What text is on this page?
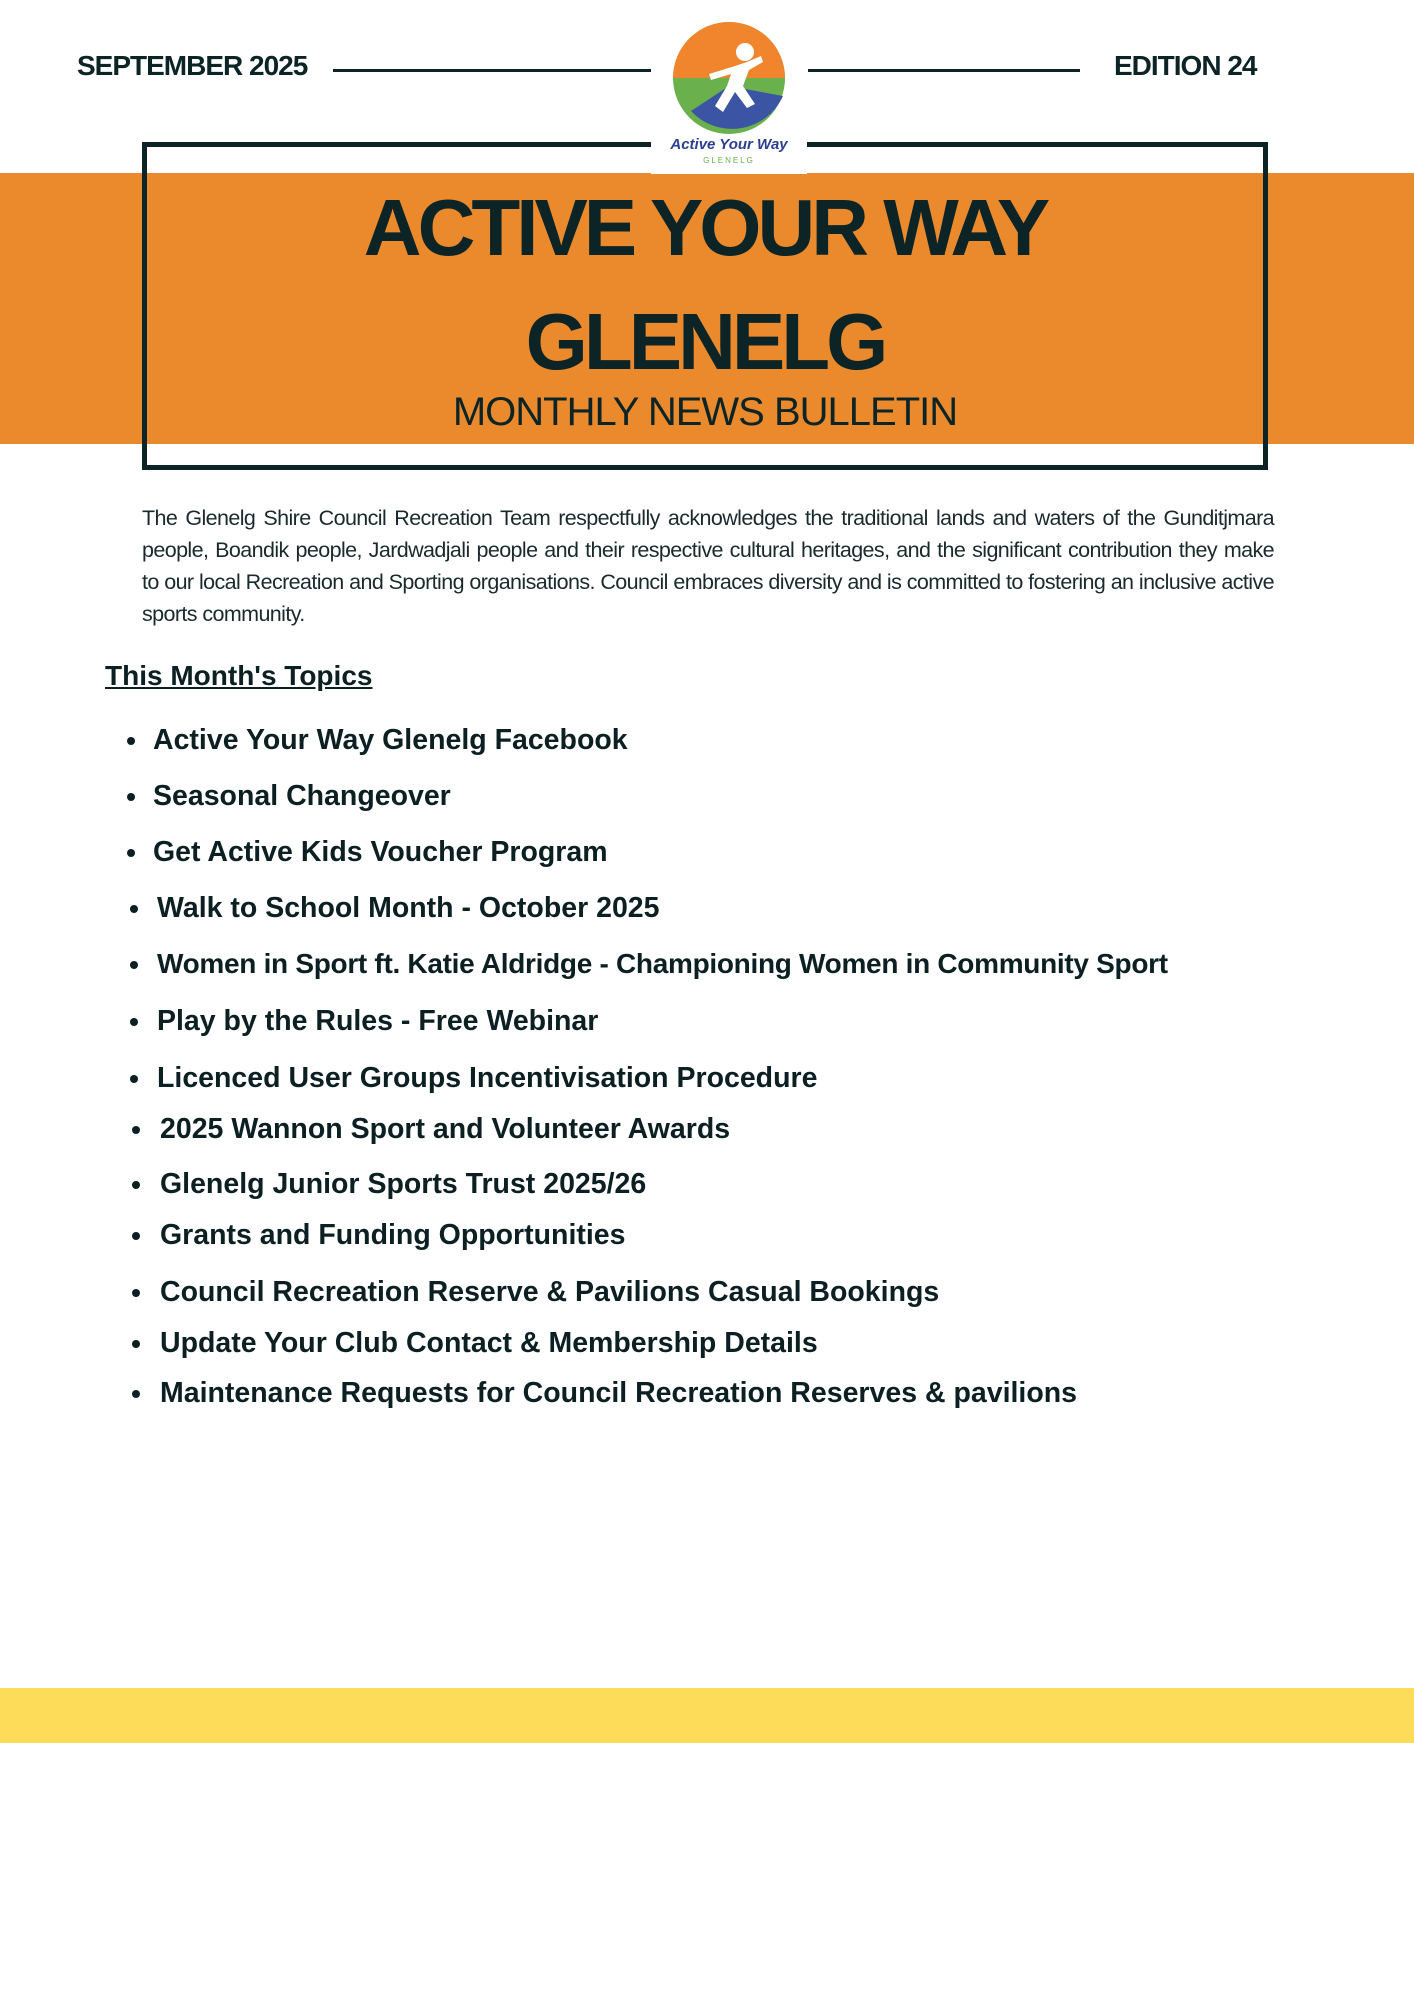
SEPTEMBER 2025	EDITION 24
Active Your Way
GLENELG
ACTIVE YOUR WAY
GLENELG
MONTHLY NEWS BULLETIN

The Glenelg Shire Council Recreation Team respectfully acknowledges the traditional lands and waters of the Gunditjmara people, Boandik people, Jardwadjali people and their respective cultural heritages, and the significant contribution they make to our local Recreation and Sporting organisations. Council embraces diversity and is committed to fostering an inclusive active sports community.

This Month's Topics
Active Your Way Glenelg Facebook
Seasonal Changeover
Get Active Kids Voucher Program
Walk to School Month - October 2025
Women in Sport ft. Katie Aldridge - Championing Women in Community Sport
Play by the Rules - Free Webinar
Licenced User Groups Incentivisation Procedure
2025 Wannon Sport and Volunteer Awards
Glenelg Junior Sports Trust 2025/26
Grants and Funding Opportunities
Council Recreation Reserve & Pavilions Casual Bookings
Update Your Club Contact & Membership Details
Maintenance Requests for Council Recreation Reserves & pavilions
